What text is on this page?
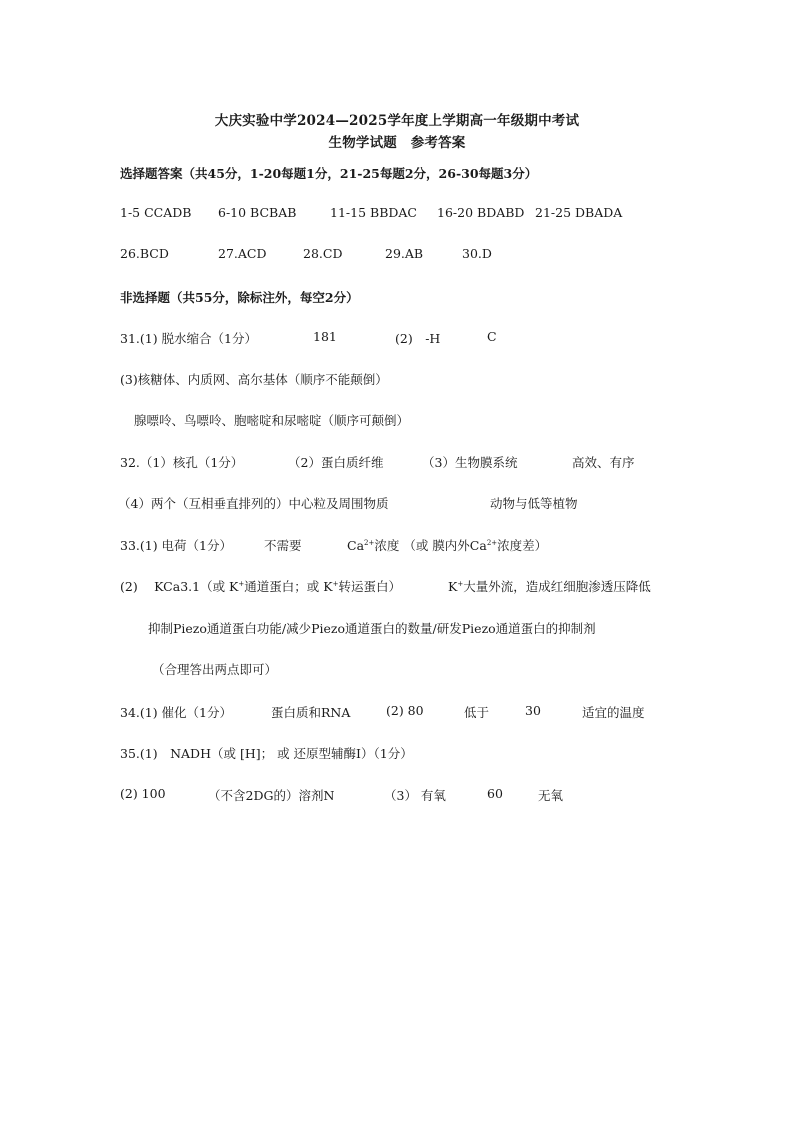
大庆实验中学2024—2025学年度上学期高一年级期中考试
生物学试题　参考答案
选择题答案（共45分，1-20每题1分，21-25每题2分，26-30每题3分）
1-5 CCADB 6-10 BCBAB	11-15 BBDAC 16-20 BDABD 21-25 DBADA
26.BCD	27.ACD	28.CD	29.AB	30.D
非选择题（共55分，除标注外，每空2分）
31.(1) 脱水缩合（1分）	181	(2)　-H	C
(3)核糖体、内质网、高尔基体（顺序不能颠倒）
腺嘌呤、鸟嘌呤、胞嘧啶和尿嘧啶（顺序可颠倒）
32.（1）核孔（1分）	（2）蛋白质纤维	（3）生物膜系统	高效、有序
（4）两个（互相垂直排列的）中心粒及周围物质	动物与低等植物
33.(1) 电荷（1分）	不需要	$Ca^{2+}$浓度 （或 膜内外$Ca^{2+}$浓度差）
(2)　 KCa3.1（或 K+通道蛋白；或 K+转运蛋白）	K+大量外流，造成红细胞渗透压降低
抑制Piezo通道蛋白功能/减少Piezo通道蛋白的数量/研发Piezo通道蛋白的抑制剂
（合理答出两点即可）
34.(1) 催化（1分）	蛋白质和RNA	(2) 80	低于	30	适宜的温度
35.(1)　NADH（或 [H]； 或 还原型辅酶Ⅰ）（1分）
(2) 100	（不含2DG的）溶剂N	（3） 有氧	60	无氧
